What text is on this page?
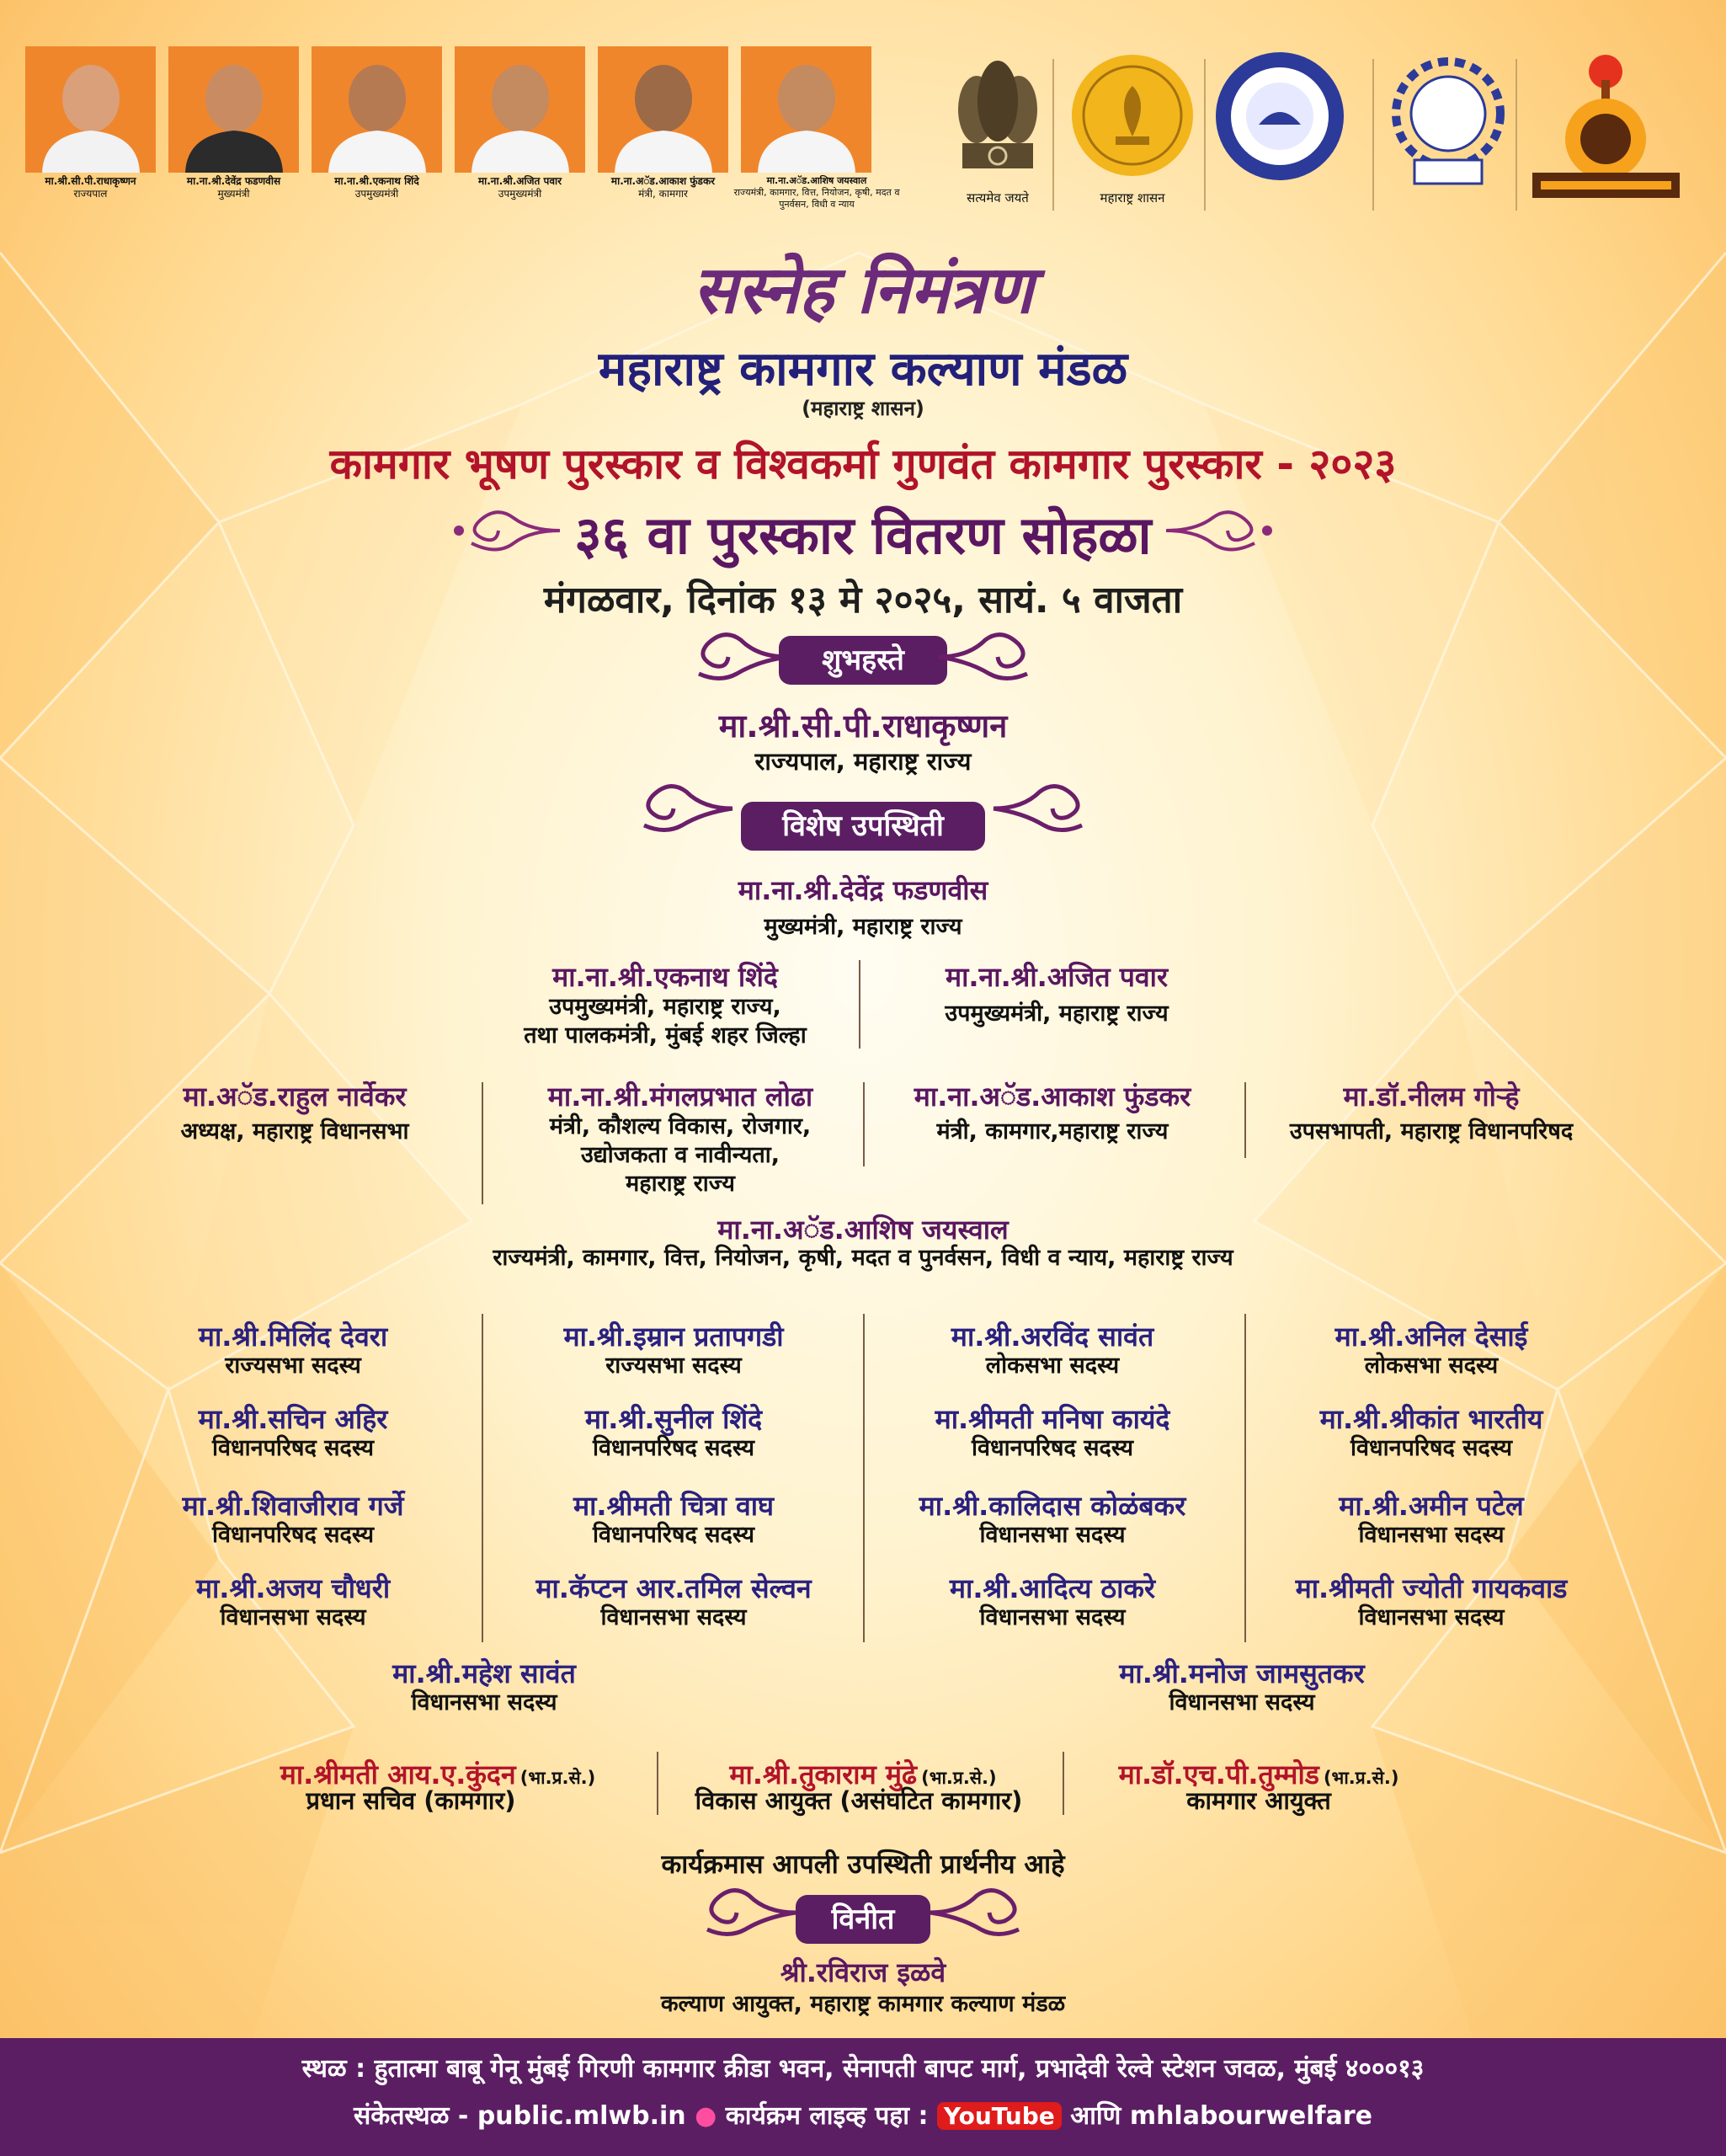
मा.श्री.सी.पी.राधाकृष्णन
राज्यपाल
मा.ना.श्री.देवेंद्र फडणवीस
मुख्यमंत्री
मा.ना.श्री.एकनाथ शिंदे
उपमुख्यमंत्री
मा.ना.श्री.अजित पवार
उपमुख्यमंत्री
मा.ना.अॅड.आकाश फुंडकर
मंत्री, कामगार
मा.ना.अॅड.आशिष जयस्वाल
राज्यमंत्री, कामगार, वित्त, नियोजन, कृषी, मदत व पुनर्वसन, विधी व न्याय	सत्यमेव जयते	महाराष्ट्र शासन
सस्नेह निमंत्रण
महाराष्ट्र कामगार कल्याण मंडळ
(महाराष्ट्र शासन)
कामगार भूषण पुरस्कार व विश्वकर्मा गुणवंत कामगार पुरस्कार - २०२३
३६ वा पुरस्कार वितरण सोहळा
मंगळवार, दिनांक १३ मे २०२५, सायं. ५ वाजता
शुभहस्ते
मा.श्री.सी.पी.राधाकृष्णन
राज्यपाल, महाराष्ट्र राज्य
विशेष उपस्थिती
मा.ना.श्री.देवेंद्र फडणवीस
मुख्यमंत्री, महाराष्ट्र राज्य
मा.ना.श्री.एकनाथ शिंदे
उपमुख्यमंत्री, महाराष्ट्र राज्य,
तथा पालकमंत्री, मुंबई शहर जिल्हा
मा.ना.श्री.अजित पवार
उपमुख्यमंत्री, महाराष्ट्र राज्य
मा.अॅड.राहुल नार्वेकर
अध्यक्ष, महाराष्ट्र विधानसभा
मा.ना.श्री.मंगलप्रभात लोढा
मंत्री, कौशल्य विकास, रोजगार,
उद्योजकता व नावीन्यता,
महाराष्ट्र राज्य
मा.ना.अॅड.आकाश फुंडकर
मंत्री, कामगार,महाराष्ट्र राज्य
मा.डॉ.नीलम गोऱ्हे
उपसभापती, महाराष्ट्र विधानपरिषद
मा.ना.अॅड.आशिष जयस्वाल
राज्यमंत्री, कामगार, वित्त, नियोजन, कृषी, मदत व पुनर्वसन, विधी व न्याय, महाराष्ट्र राज्य
मा.श्री.मिलिंद देवरा
राज्यसभा सदस्य
मा.श्री.इम्रान प्रतापगडी
राज्यसभा सदस्य
मा.श्री.अरविंद सावंत
लोकसभा सदस्य
मा.श्री.अनिल देसाई
लोकसभा सदस्य
मा.श्री.सचिन अहिर
विधानपरिषद सदस्य
मा.श्री.सुनील शिंदे
विधानपरिषद सदस्य
मा.श्रीमती मनिषा कायंदे
विधानपरिषद सदस्य
मा.श्री.श्रीकांत भारतीय
विधानपरिषद सदस्य
मा.श्री.शिवाजीराव गर्जे
विधानपरिषद सदस्य
मा.श्रीमती चित्रा वाघ
विधानपरिषद सदस्य
मा.श्री.कालिदास कोळंबकर
विधानसभा सदस्य
मा.श्री.अमीन पटेल
विधानसभा सदस्य
मा.श्री.अजय चौधरी
विधानसभा सदस्य
मा.कॅप्टन आर.तमिल सेल्वन
विधानसभा सदस्य
मा.श्री.आदित्य ठाकरे
विधानसभा सदस्य
मा.श्रीमती ज्योती गायकवाड
विधानसभा सदस्य
मा.श्री.महेश सावंत
विधानसभा सदस्य
मा.श्री.मनोज जामसुतकर
विधानसभा सदस्य
मा.श्रीमती आय.ए.कुंदन (भा.प्र.से.)
प्रधान सचिव (कामगार)
मा.श्री.तुकाराम मुंढे (भा.प्र.से.)
विकास आयुक्त (असंघटित कामगार)
मा.डॉ.एच.पी.तुम्मोड (भा.प्र.से.)
कामगार आयुक्त
कार्यक्रमास आपली उपस्थिती प्रार्थनीय आहे
विनीत
श्री.रविराज इळवे
कल्याण आयुक्त, महाराष्ट्र कामगार कल्याण मंडळ
स्थळ : हुतात्मा बाबू गेनू मुंबई गिरणी कामगार क्रीडा भवन, सेनापती बापट मार्ग, प्रभादेवी रेल्वे स्टेशन जवळ, मुंबई ४०००१३
संकेतस्थळ - public.mlwb.in ● कार्यक्रम लाइव्ह पहा : YouTube आणि mhlabourwelfare
